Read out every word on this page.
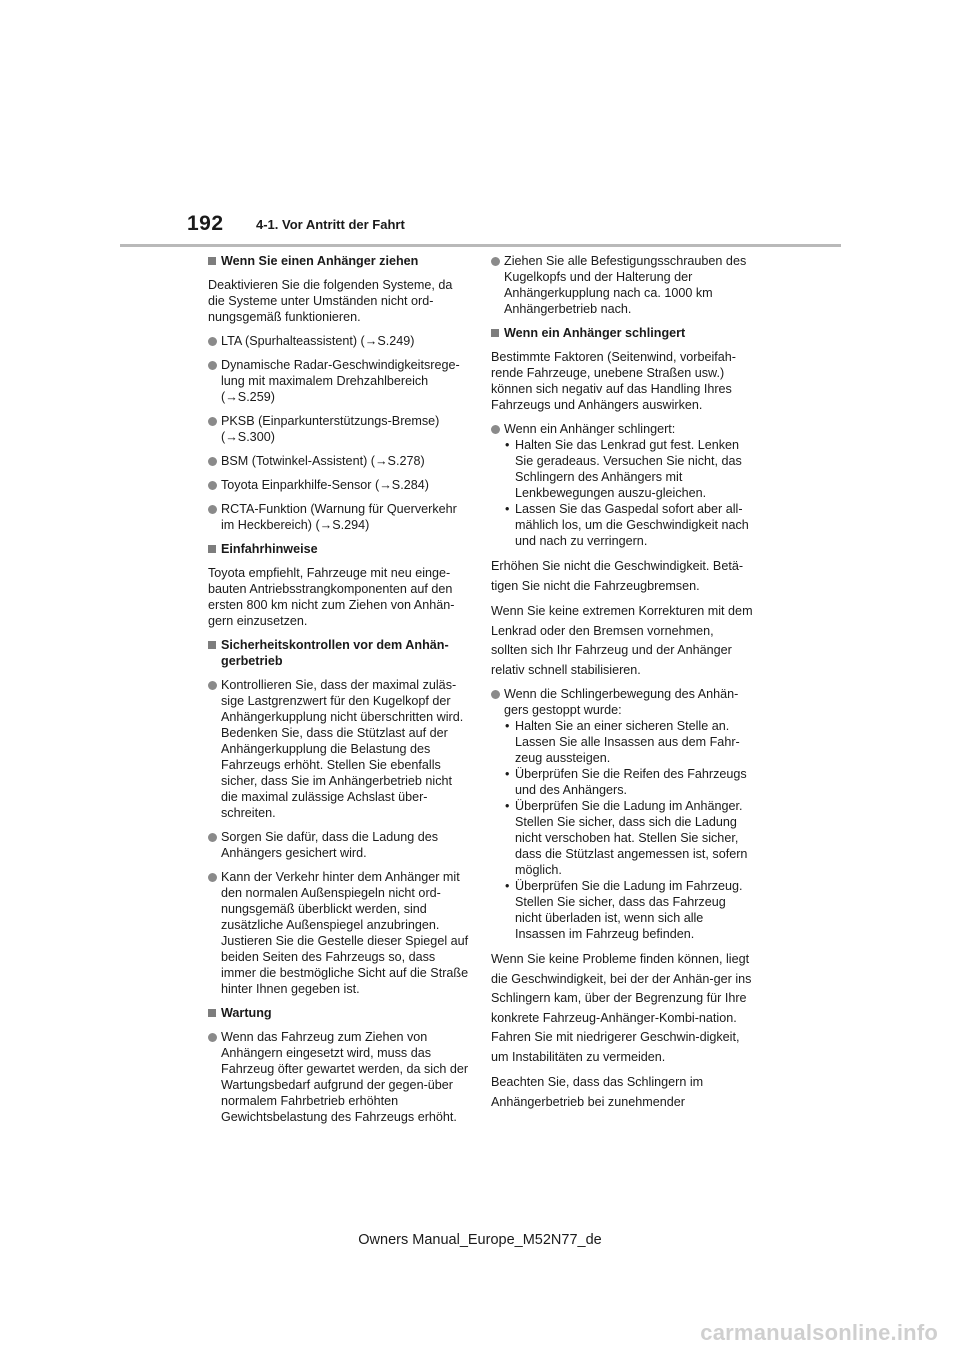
192 4-1. Vor Antritt der Fahrt
Wenn Sie einen Anhänger ziehen
Deaktivieren Sie die folgenden Systeme, da die Systeme unter Umständen nicht ord-nungsgemäß funktionieren.
LTA (Spurhalteassistent) (→S.249)
Dynamische Radar-Geschwindigkeitsrege-lung mit maximalem Drehzahlbereich (→S.259)
PKSB (Einparkunterstützungs-Bremse) (→S.300)
BSM (Totwinkel-Assistent) (→S.278)
Toyota Einparkhilfe-Sensor (→S.284)
RCTA-Funktion (Warnung für Querverkehr im Heckbereich) (→S.294)
Einfahrhinweise
Toyota empfiehlt, Fahrzeuge mit neu einge-bauten Antriebsstrangkomponenten auf den ersten 800 km nicht zum Ziehen von Anhän-gern einzusetzen.
Sicherheitskontrollen vor dem Anhän-gerbetrieb
Kontrollieren Sie, dass der maximal zuläs-sige Lastgrenzwert für den Kugelkopf der Anhängerkupplung nicht überschritten wird. Bedenken Sie, dass die Stützlast auf der Anhängerkupplung die Belastung des Fahrzeugs erhöht. Stellen Sie ebenfalls sicher, dass Sie im Anhängerbetrieb nicht die maximal zulässige Achslast über-schreiten.
Sorgen Sie dafür, dass die Ladung des Anhängers gesichert wird.
Kann der Verkehr hinter dem Anhänger mit den normalen Außenspiegeln nicht ord-nungsgemäß überblickt werden, sind zusätzliche Außenspiegel anzubringen. Justieren Sie die Gestelle dieser Spiegel auf beiden Seiten des Fahrzeugs so, dass immer die bestmögliche Sicht auf die Straße hinter Ihnen gegeben ist.
Wartung
Wenn das Fahrzeug zum Ziehen von Anhängern eingesetzt wird, muss das Fahrzeug öfter gewartet werden, da sich der Wartungsbedarf aufgrund der gegen-über normalem Fahrbetrieb erhöhten Gewichtsbelastung des Fahrzeugs erhöht.
Ziehen Sie alle Befestigungsschrauben des Kugelkopfs und der Halterung der Anhängerkupplung nach ca. 1000 km Anhängerbetrieb nach.
Wenn ein Anhänger schlingert
Bestimmte Faktoren (Seitenwind, vorbeifah-rende Fahrzeuge, unebene Straßen usw.) können sich negativ auf das Handling Ihres Fahrzeugs und Anhängers auswirken.
Wenn ein Anhänger schlingert:
• Halten Sie das Lenkrad gut fest. Lenken Sie geradeaus. Versuchen Sie nicht, das Schlingern des Anhängers mit Lenkbewegungen auszu-gleichen.
• Lassen Sie das Gaspedal sofort aber all-mählich los, um die Geschwindigkeit nach und nach zu verringern.
Erhöhen Sie nicht die Geschwindigkeit. Betä-tigen Sie nicht die Fahrzeugbremsen.
Wenn Sie keine extremen Korrekturen mit dem Lenkrad oder den Bremsen vornehmen, sollten sich Ihr Fahrzeug und der Anhänger relativ schnell stabilisieren.
Wenn die Schlingerbewegung des Anhän-gers gestoppt wurde:
• Halten Sie an einer sicheren Stelle an. Lassen Sie alle Insassen aus dem Fahr-zeug aussteigen.
• Überprüfen Sie die Reifen des Fahrzeugs und des Anhängers.
• Überprüfen Sie die Ladung im Anhänger. Stellen Sie sicher, dass sich die Ladung nicht verschoben hat. Stellen Sie sicher, dass die Stützlast angemessen ist, sofern möglich.
• Überprüfen Sie die Ladung im Fahrzeug. Stellen Sie sicher, dass das Fahrzeug nicht überladen ist, wenn sich alle Insassen im Fahrzeug befinden.
Wenn Sie keine Probleme finden können, liegt die Geschwindigkeit, bei der der Anhän-ger ins Schlingern kam, über der Begrenzung für Ihre konkrete Fahrzeug-Anhänger-Kombi-nation. Fahren Sie mit niedrigerer Geschwin-digkeit, um Instabilitäten zu vermeiden.
Beachten Sie, dass das Schlingern im Anhängerbetrieb bei zunehmender
Owners Manual_Europe_M52N77_de
carmanualsonline.info
